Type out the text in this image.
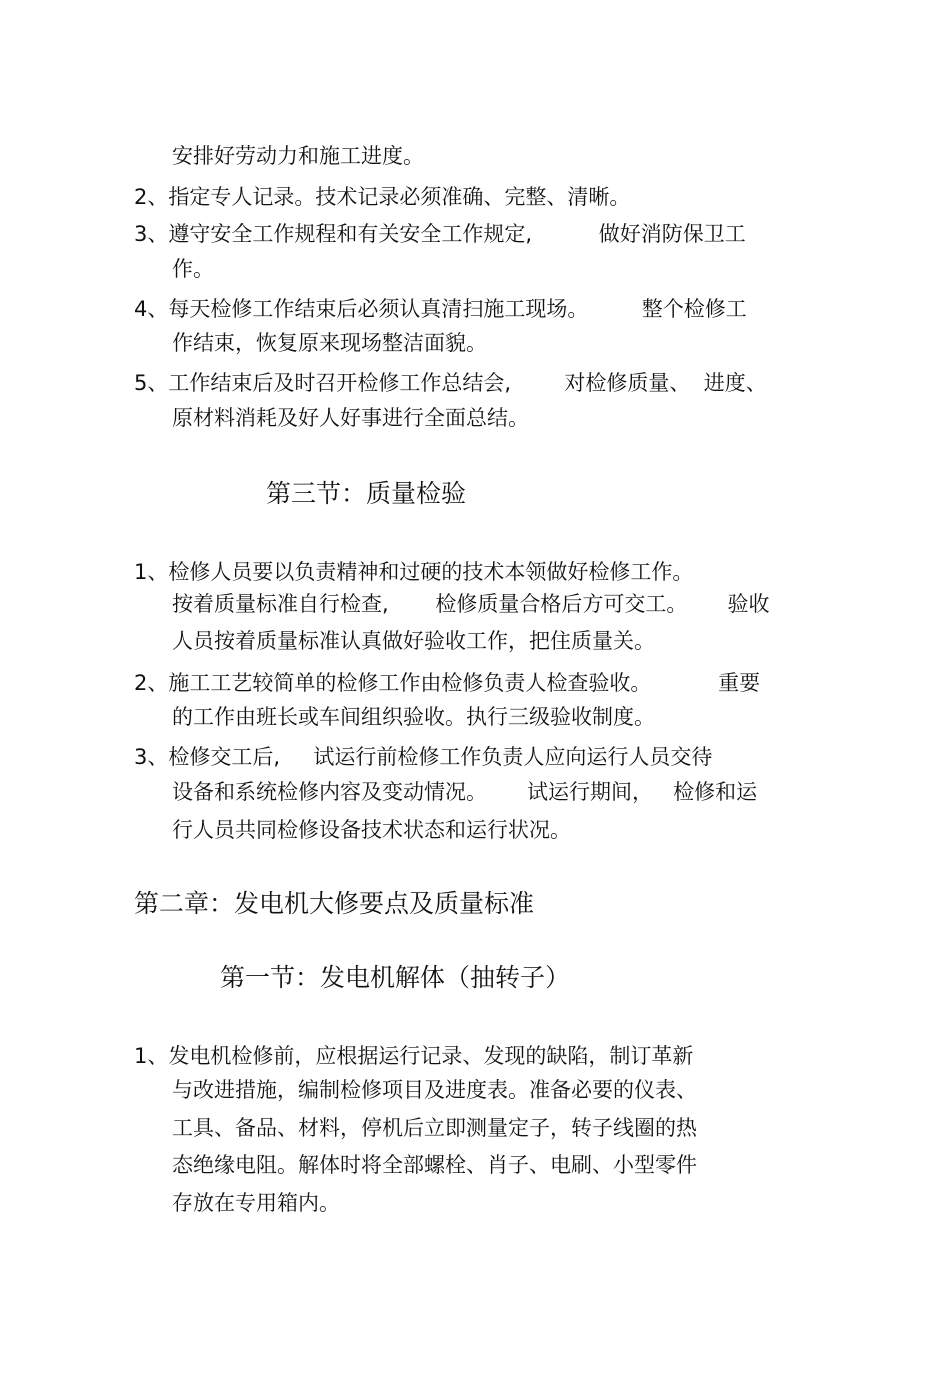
安排好劳动力和施工进度。

2、指定专人记录。技术记录必须准确、完整、清晰。

3、遵守安全工作规程和有关安全工作规定,          做好消防保卫工

作。

4、每天检修工作结束后必须认真清扫施工现场。        整个检修工

作结束，恢复原来现场整洁面貌。

5、工作结束后及时召开检修工作总结会,        对检修质量、  进度、

原材料消耗及好人好事进行全面总结。

第三节：质量检验

1、检修人员要以负责精神和过硬的技术本领做好检修工作。

按着质量标准自行检查,       检修质量合格后方可交工。      验收

人员按着质量标准认真做好验收工作，把住质量关。

2、施工工艺较简单的检修工作由检修负责人检查验收。          重要

的工作由班长或车间组织验收。执行三级验收制度。

3、检修交工后,     试运行前检修工作负责人应向运行人员交待

设备和系统检修内容及变动情况。      试运行期间，   检修和运

行人员共同检修设备技术状态和运行状况。

第二章：发电机大修要点及质量标准
第一节：发电机解体（抽转子）

1、发电机检修前，应根据运行记录、发现的缺陷，制订革新

与改进措施，编制检修项目及进度表。准备必要的仪表、

工具、备品、材料，停机后立即测量定子，转子线圈的热

态绝缘电阻。解体时将全部螺栓、肖子、电刷、小型零件

存放在专用箱内。
